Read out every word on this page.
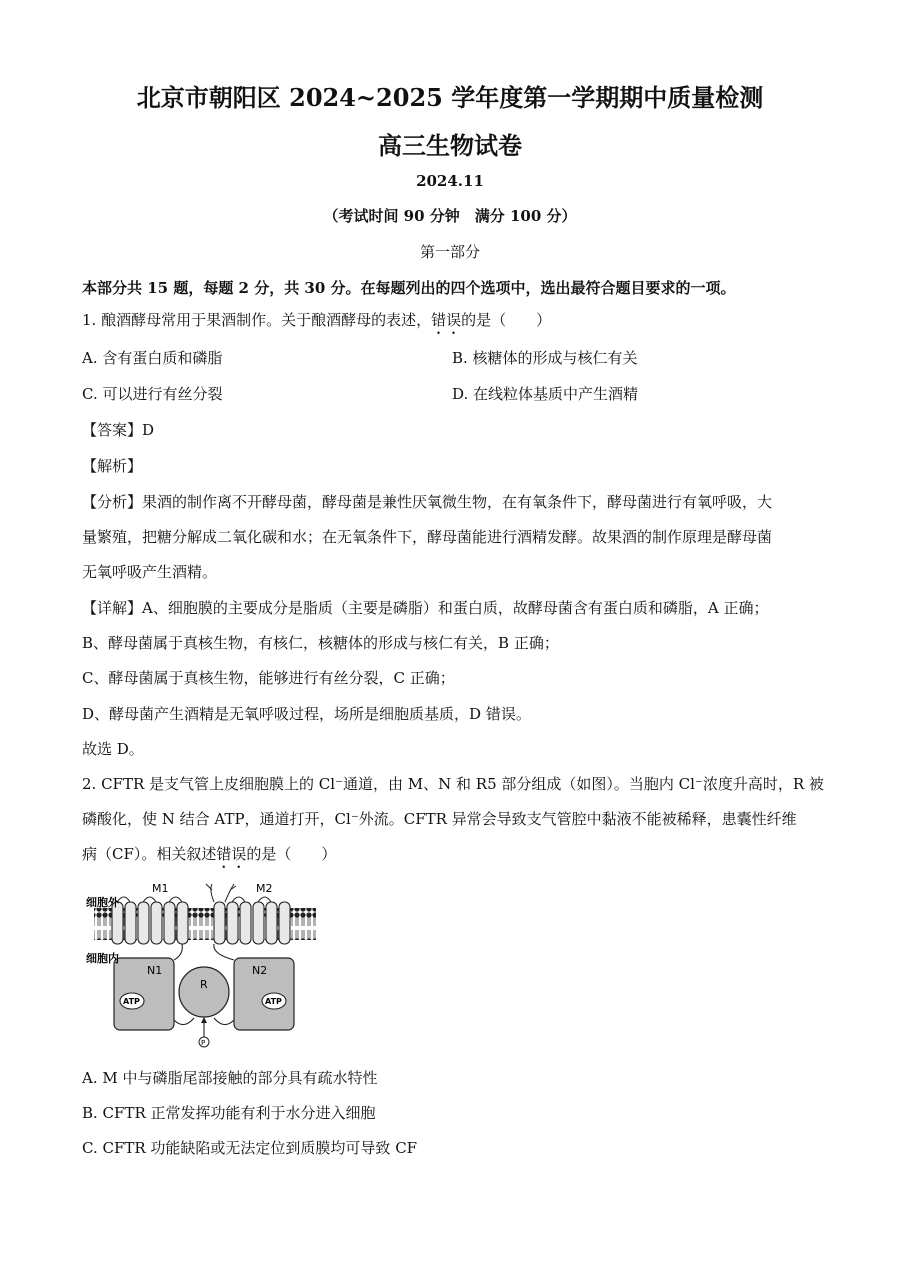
北京市朝阳区 2024~2025 学年度第一学期期中质量检测
高三生物试卷
2024.11
（考试时间 90 分钟　满分 100 分）
第一部分
本部分共 15 题，每题 2 分，共 30 分。在每题列出的四个选项中，选出最符合题目要求的一项。
1. 酿酒酵母常用于果酒制作。关于酿酒酵母的表述，错误的是（　　）
A. 含有蛋白质和磷脂	B. 核糖体的形成与核仁有关
C. 可以进行有丝分裂	D. 在线粒体基质中产生酒精
【答案】D
【解析】
【分析】果酒的制作离不开酵母菌，酵母菌是兼性厌氧微生物，在有氧条件下，酵母菌进行有氧呼吸，大
量繁殖，把糖分解成二氧化碳和水；在无氧条件下，酵母菌能进行酒精发酵。故果酒的制作原理是酵母菌
无氧呼吸产生酒精。
【详解】A、细胞膜的主要成分是脂质（主要是磷脂）和蛋白质，故酵母菌含有蛋白质和磷脂，A 正确；
B、酵母菌属于真核生物，有核仁，核糖体的形成与核仁有关，B 正确；
C、酵母菌属于真核生物，能够进行有丝分裂，C 正确；
D、酵母菌产生酒精是无氧呼吸过程，场所是细胞质基质，D 错误。
故选 D。
2. CFTR 是支气管上皮细胞膜上的 Cl⁻通道，由 M、N 和 R5 部分组成（如图）。当胞内 Cl⁻浓度升高时，R 被
磷酸化，使 N 结合 ATP，通道打开，Cl⁻外流。CFTR 异常会导致支气管腔中黏液不能被稀释，患囊性纤维
病（CF）。相关叙述错误的是（　　）
细胞外
细胞内
M1	M2
N1	N2
R
ATP	ATP
P
A. M 中与磷脂尾部接触的部分具有疏水特性
B. CFTR 正常发挥功能有利于水分进入细胞
C. CFTR 功能缺陷或无法定位到质膜均可导致 CF
